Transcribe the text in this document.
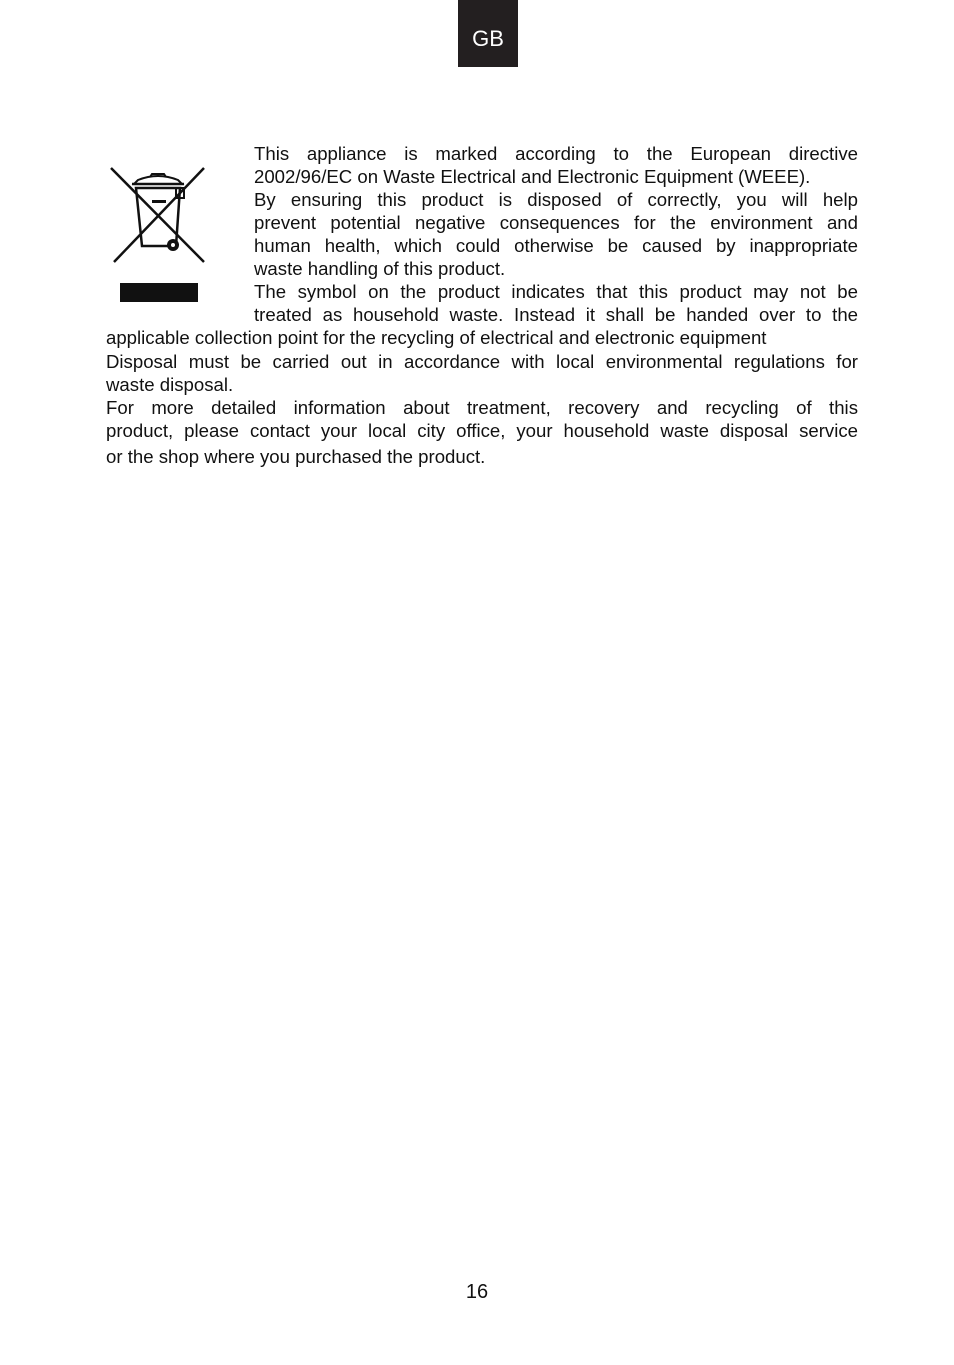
GB
This appliance is marked according to the European directive
2002/96/EC on Waste Electrical and Electronic Equipment (WEEE).
By ensuring this product is disposed of correctly, you will help
prevent potential negative consequences for the environment and
human health, which could otherwise be caused by inappropriate
waste handling of this product.
The symbol on the product indicates that this product may not be
treated as household waste. Instead it shall be handed over to the
applicable collection point for the recycling of electrical and electronic equipment
Disposal must be carried out in accordance with local environmental regulations for
waste disposal.
For more detailed information about treatment, recovery and recycling of this
product, please contact your local city office, your household waste disposal service
or the shop where you purchased the product.
16
